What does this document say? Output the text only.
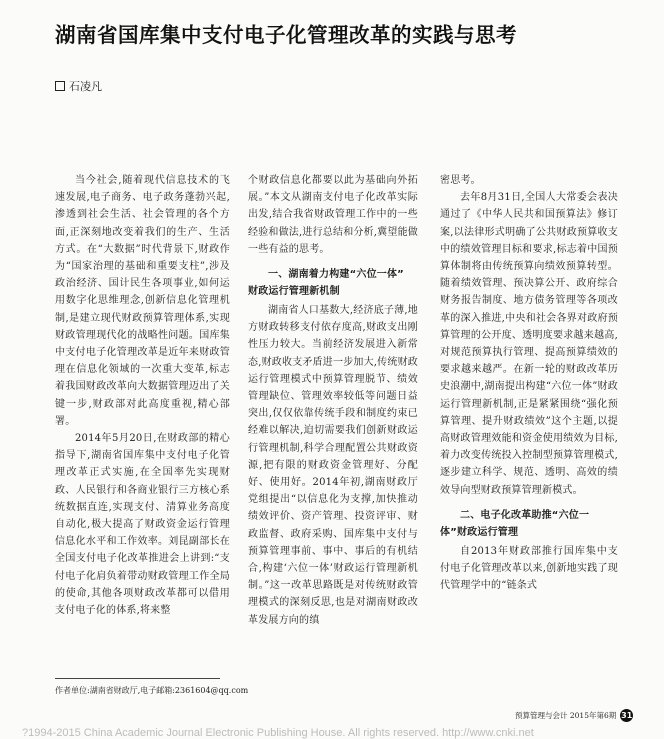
湖南省国库集中支付电子化管理改革的实践与思考
石凌凡

当今社会,随着现代信息技术的飞速发展,电子商务、电子政务蓬勃兴起,渗透到社会生活、社会管理的各个方面,正深刻地改变着我们的生产、生活方式。在“大数据”时代背景下,财政作为“国家治理的基础和重要支柱”,涉及政治经济、国计民生各项事业,如何运用数字化思维理念,创新信息化管理机制,是建立现代财政预算管理体系,实现财政管理现代化的战略性问题。国库集中支付电子化管理改革是近年来财政管理在信息化领域的一次重大变革,标志着我国财政改革向大数据管理迈出了关键一步,财政部对此高度重视,精心部署。

2014年5月20日,在财政部的精心指导下,湖南省国库集中支付电子化管理改革正式实施,在全国率先实现财政、人民银行和各商业银行三方核心系统数据直连,实现支付、清算业务高度自动化,极大提高了财政资金运行管理信息化水平和工作效率。刘昆副部长在全国支付电子化改革推进会上讲到:“支付电子化肩负着带动财政管理工作全局的使命,其他各项财政改革都可以借用支付电子化的体系,将来整

个财政信息化都要以此为基础向外拓展。”本文从湖南支付电子化改革实际出发,结合我省财政管理工作中的一些经验和做法,进行总结和分析,冀望能做一些有益的思考。

一、湖南着力构建“六位一体”
财政运行管理新机制

湖南省人口基数大,经济底子薄,地方财政转移支付依存度高,财政支出刚性压力较大。当前经济发展进入新常态,财政收支矛盾进一步加大,传统财政运行管理模式中预算管理脱节、绩效管理缺位、管理效率较低等问题日益突出,仅仅依靠传统手段和制度约束已经难以解决,迫切需要我们创新财政运行管理机制,科学合理配置公共财政资源,把有限的财政资金管理好、分配好、使用好。2014年初,湖南财政厅党组提出“以信息化为支撑,加快推动绩效评价、资产管理、投资评审、财政监督、政府采购、国库集中支付与预算管理事前、事中、事后的有机结合,构建‘六位一体’财政运行管理新机制。”这一改革思路既是对传统财政管理模式的深刻反思,也是对湖南财政改革发展方向的缜

密思考。

去年8月31日,全国人大常委会表决通过了《中华人民共和国预算法》修订案,以法律形式明确了公共财政预算收支中的绩效管理目标和要求,标志着中国预算体制将由传统预算向绩效预算转型。随着绩效管理、预决算公开、政府综合财务报告制度、地方债务管理等各项改革的深入推进,中央和社会各界对政府预算管理的公开度、透明度要求越来越高,对规范预算执行管理、提高预算绩效的要求越来越严。在新一轮的财政改革历史浪潮中,湖南提出构建“六位一体”财政运行管理新机制,正是紧紧围绕“强化预算管理、提升财政绩效”这个主题,以提高财政管理效能和资金使用绩效为目标,着力改变传统投入控制型预算管理模式,逐步建立科学、规范、透明、高效的绩效导向型财政预算管理新模式。

二、电子化改革助推“六位一
体”财政运行管理

自2013年财政部推行国库集中支付电子化管理改革以来,创新地实践了现代管理学中的“链条式

作者单位:湖南省财政厅,电子邮箱:2361604@qq.com
预算管理与会计 2015年第6期 31
?1994-2015 China Academic Journal Electronic Publishing House. All rights reserved. http://www.cnki.net
